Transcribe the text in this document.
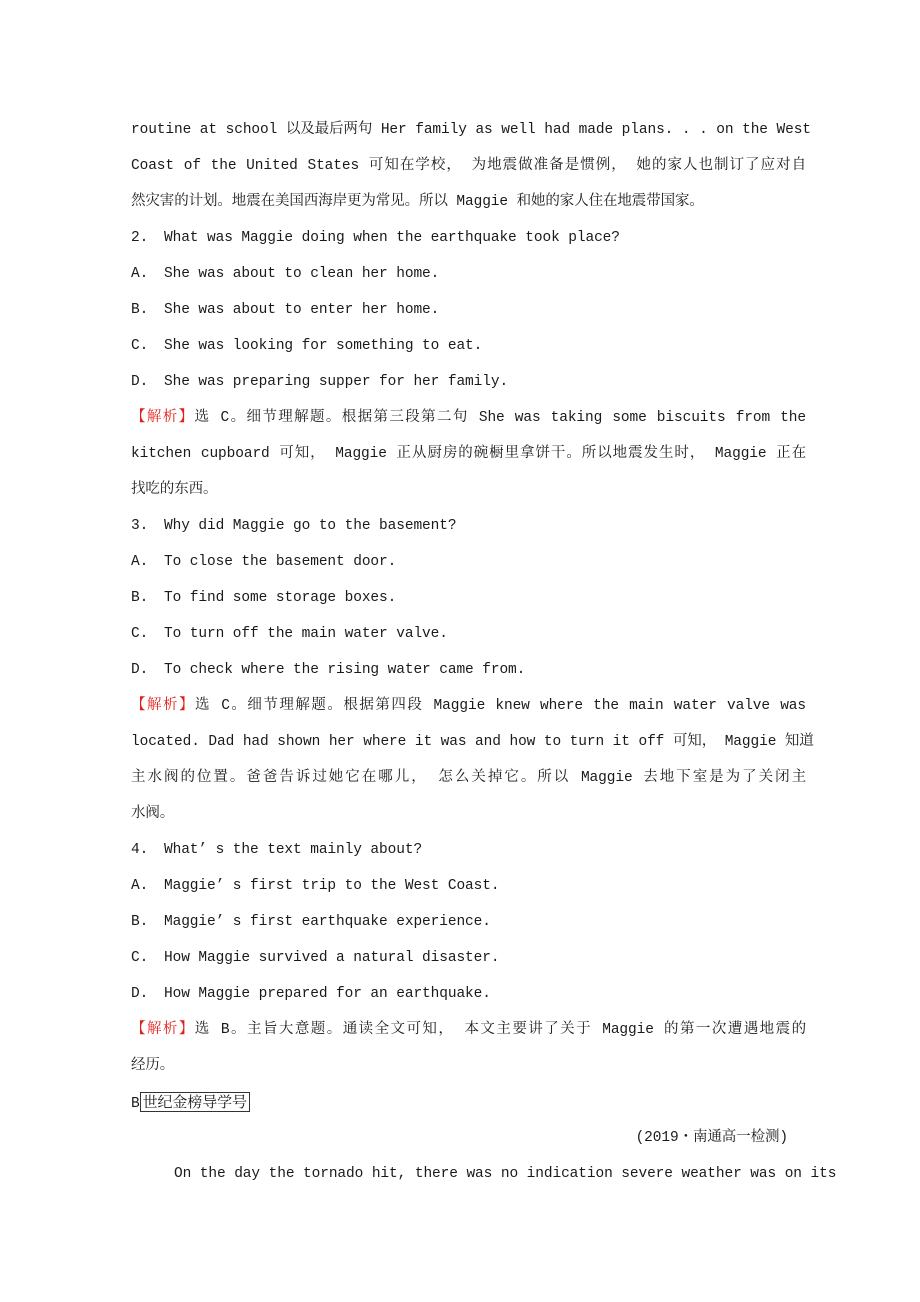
routine at school 以及最后两句 Her family as well had made plans. . . on the West
Coast of the United States 可知在学校， 为地震做准备是惯例， 她的家人也制订了应对自
然灾害的计划。地震在美国西海岸更为常见。所以 Maggie 和她的家人住在地震带国家。
2.	What was Maggie doing when the earthquake took place?
A.	She was about to clean her home.
B.	She was about to enter her home.
C.	She was looking for something to eat.
D.	She was preparing supper for her family.
【解析】选 C。细节理解题。根据第三段第二句 She was taking some biscuits from the
kitchen cupboard 可知， Maggie 正从厨房的碗橱里拿饼干。所以地震发生时， Maggie 正在
找吃的东西。
3.	Why did Maggie go to the basement?
A.	To close the basement door.
B.	To find some storage boxes.
C.	To turn off the main water valve.
D.	To check where the rising water came from.
【解析】选 C。细节理解题。根据第四段 Maggie knew where the main water valve was
located. Dad had shown her where it was and how to turn it off 可知， Maggie 知道
主水阀的位置。爸爸告诉过她它在哪儿， 怎么关掉它。所以 Maggie 去地下室是为了关闭主
水阀。
4.	What’ s the text mainly about?
A.	Maggie’ s first trip to the West Coast.
B.	Maggie’ s first earthquake experience.
C.	How Maggie survived a natural disaster.
D.	How Maggie prepared for an earthquake.
【解析】选 B。主旨大意题。通读全文可知， 本文主要讲了关于 Maggie 的第一次遭遇地震的
经历。
B 世纪金榜导学号
(2019・南通高一检测)
On the day the tornado hit, there was no indication severe weather was on its
